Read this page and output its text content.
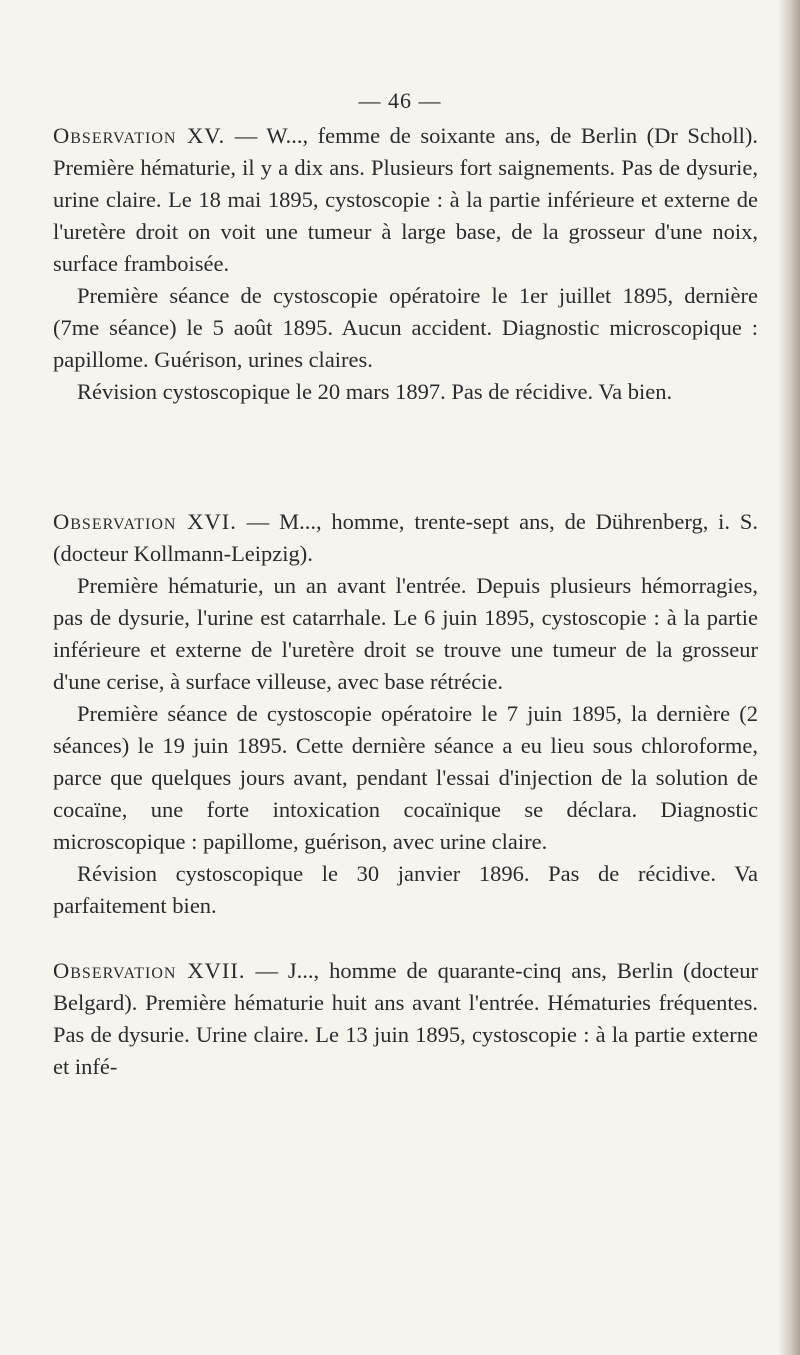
— 46 —

Observation XV. — W..., femme de soixante ans, de Berlin (Dr Scholl). Première hématurie, il y a dix ans. Plusieurs fort saignements. Pas de dysurie, urine claire. Le 18 mai 1895, cystoscopie : à la partie inférieure et externe de l'uretère droit on voit une tumeur à large base, de la grosseur d'une noix, surface framboisée.

Première séance de cystoscopie opératoire le 1er juillet 1895, dernière (7me séance) le 5 août 1895. Aucun accident. Diagnostic microscopique : papillome. Guérison, urines claires.

Révision cystoscopique le 20 mars 1897. Pas de récidive. Va bien.

Observation XVI. — M..., homme, trente-sept ans, de Dührenberg, i. S. (docteur Kollmann-Leipzig).

Première hématurie, un an avant l'entrée. Depuis plusieurs hémorragies, pas de dysurie, l'urine est catarrhale. Le 6 juin 1895, cystoscopie : à la partie inférieure et externe de l'uretère droit se trouve une tumeur de la grosseur d'une cerise, à surface villeuse, avec base rétrécie.

Première séance de cystoscopie opératoire le 7 juin 1895, la dernière (2 séances) le 19 juin 1895. Cette dernière séance a eu lieu sous chloroforme, parce que quelques jours avant, pendant l'essai d'injection de la solution de cocaïne, une forte intoxication cocaïnique se déclara. Diagnostic microscopique : papillome, guérison, avec urine claire.

Révision cystoscopique le 30 janvier 1896. Pas de récidive. Va parfaitement bien.

Observation XVII. — J..., homme de quarante-cinq ans, Berlin (docteur Belgard). Première hématurie huit ans avant l'entrée. Hématuries fréquentes. Pas de dysurie. Urine claire. Le 13 juin 1895, cystoscopie : à la partie externe et infé-
